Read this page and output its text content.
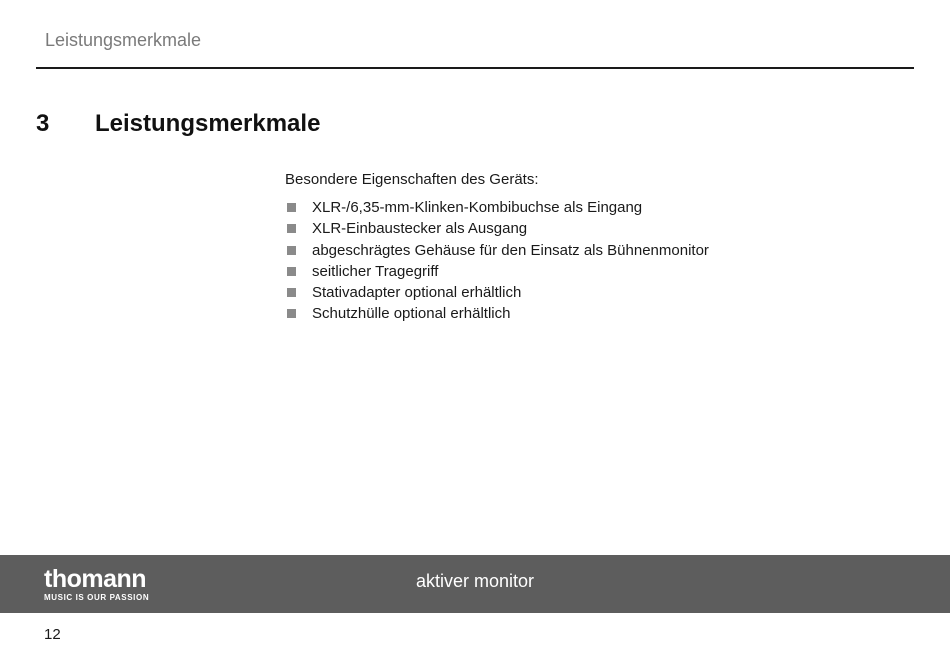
Leistungsmerkmale
3 Leistungsmerkmale

Besondere Eigenschaften des Geräts:

XLR-/6,35-mm-Klinken-Kombibuchse als Eingang
XLR-Einbaustecker als Ausgang
abgeschrägtes Gehäuse für den Einsatz als Bühnenmonitor
seitlicher Tragegriff
Stativadapter optional erhältlich
Schutzhülle optional erhältlich
thomann
MUSIC IS OUR PASSION
aktiver monitor
12
